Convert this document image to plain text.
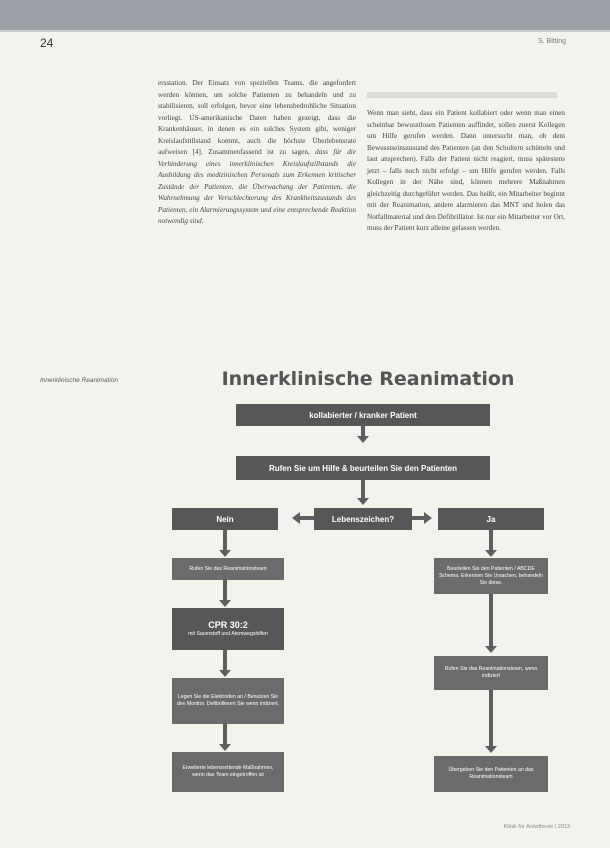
24	S. Bitting
ersstation. Der Einsatz von speziellen Teams, die angefordert werden können, um solche Patienten zu behandeln und zu stabilisieren, soll erfolgen, bevor eine lebensbedrohliche Situation vorliegt. US-amerikanische Daten haben gezeigt, dass die Krankenhäuser, in denen es ein solches System gibt, weniger Kreislaufstillstand kommt, auch die höchste Überlebensrate aufweisen [4]. Zusammenfassend ist zu sagen, dass für die Verhinderung eines innerklinischen Kreislaufstillstands die Ausbildung des medizinischen Personals zum Erkennen kritischer Zustände der Patienten, die Überwachung der Patienten, die Wahrnehmung der Verschlechterung des Krankheitszustands des Patienten, ein Alarmierungssystem und eine entsprechende Reaktion notwendig sind.
Wenn man sieht, dass ein Patient kollabiert oder wenn man einen scheinbar bewusstlosen Patienten auffindet, sollen zuerst Kollegen um Hilfe gerufen werden. Dann untersucht man, ob dem Bewusstseinszustand des Patienten (an den Schultern schütteln und laut ansprechen). Falls der Patient nicht reagiert, muss spätestens jetzt – falls noch nicht erfolgt – um Hilfe gerufen werden. Falls Kollegen in der Nähe sind, können mehrere Maßnahmen gleichzeitig durchgeführt werden. Das heißt, ein Mitarbeiter beginnt mit der Reanimation, andere alarmieren das MNT und holen das Notfallmaterial und den Defibrillator. Ist nur ein Mitarbeiter vor Ort, muss der Patient kurz alleine gelassen werden.
Innerklinische Reanimation	Innerklinische Reanimation
kollabierter / kranker Patient
Rufen Sie um Hilfe & beurteilen Sie den Patienten
Nein	Lebenszeichen?	Ja
Rufen Sie das Reanimationsteam
CPR 30:2
mit Sauerstoff und Atemwegshilfen
Legen Sie die Elektroden an / Benutzen Sie den Monitor. Defibrillieren Sie wenn indiziert.
Erweiterte lebensrettende Maßnahmen, wenn das Team eingetroffen ist
Beurteilen Sie den Patienten / ABCDE Schema. Erkennen Sie Ursachen, behandeln Sie diese.
Rufen Sie das Reanimationsteam, wenn indiziert
Übergeben Sie den Patienten an das Reanimationsteam
Klinik für Anästhesie | 2013
